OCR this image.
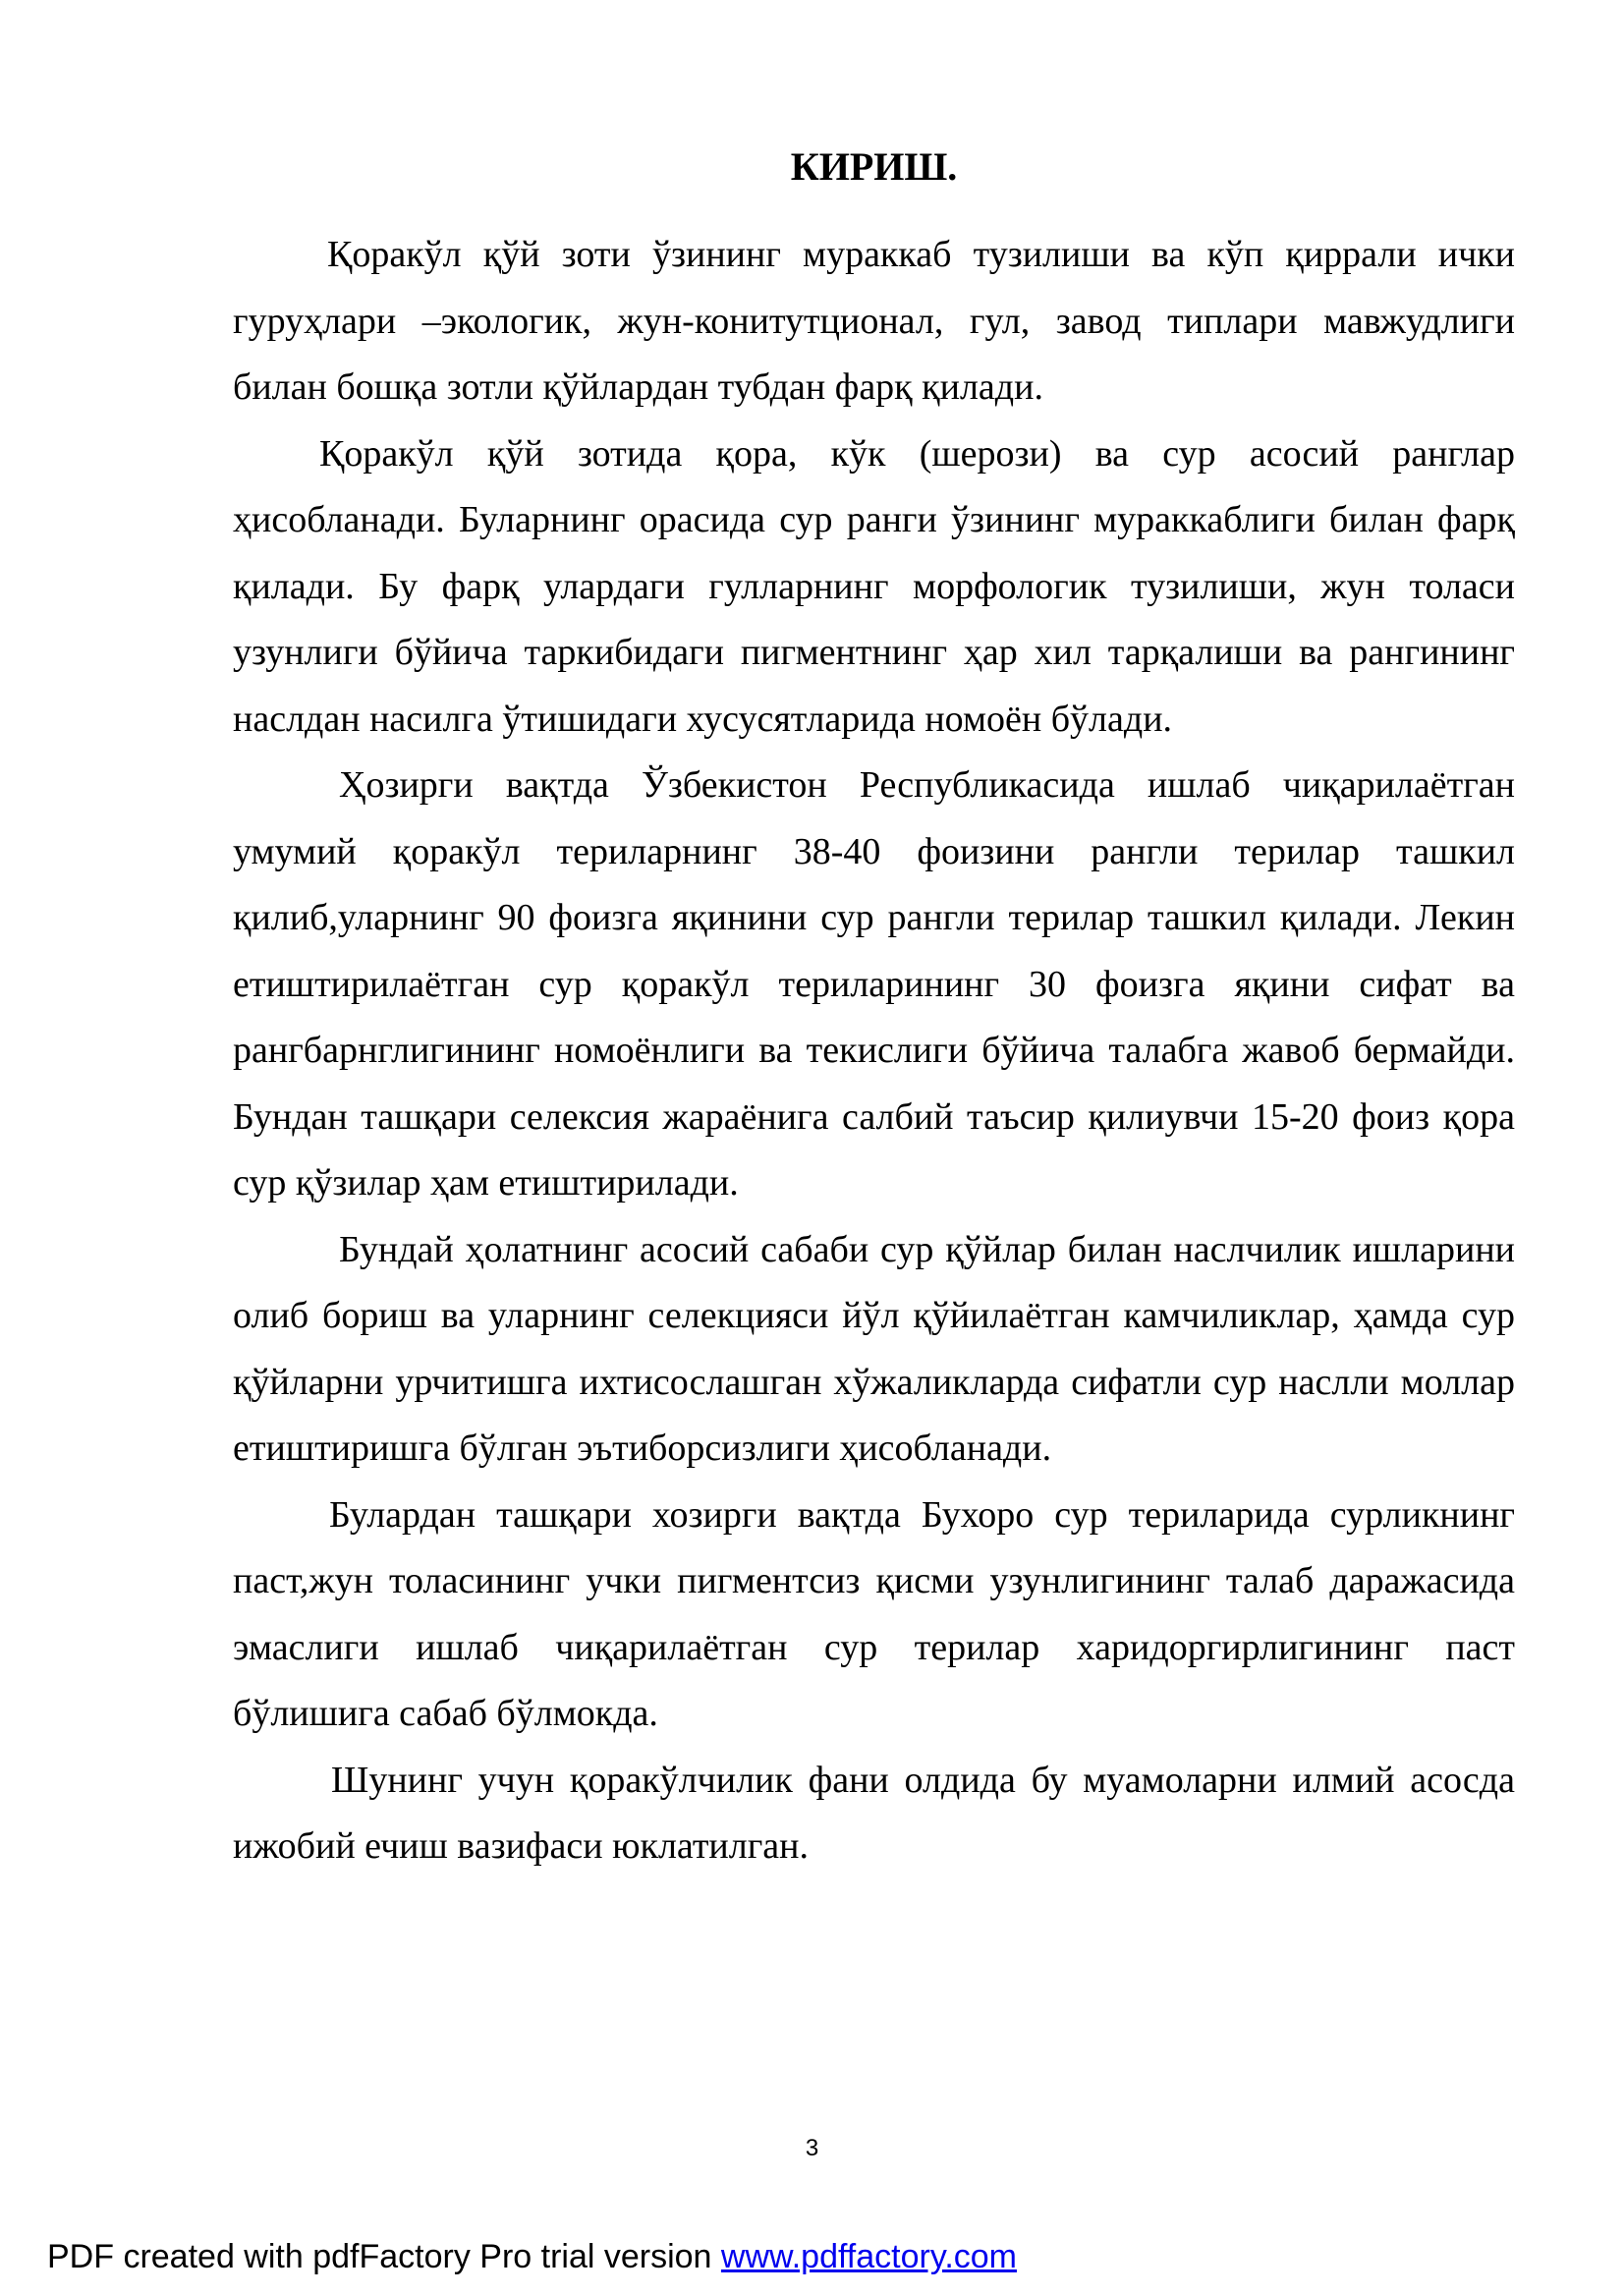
КИРИШ.

Қоракўл қўй зоти ўзининг мураккаб тузилиши ва кўп қиррали ички гуруҳлари –экологик, жун-конитутционал, гул, завод типлари мавжудлиги билан бошқа зотли қўйлардан тубдан фарқ қилади.

Қоракўл қўй зотида қора, кўк (шерози) ва сур асосий ранглар ҳисобланади. Буларнинг орасида сур ранги ўзининг мураккаблиги билан фарқ қилади. Бу фарқ улардаги гулларнинг морфологик тузилиши, жун толаси узунлиги бўйича таркибидаги пигментнинг ҳар хил тарқалиши ва рангининг наслдан насилга ўтишидаги хусусятларида номоён бўлади.

Ҳозирги вақтда Ўзбекистон Республикасида ишлаб чиқарилаётган умумий қоракўл териларнинг 38-40 фоизини рангли терилар ташкил қилиб,уларнинг 90 фоизга яқинини сур рангли терилар ташкил қилади. Лекин етиштирилаётган сур қоракўл териларининг 30 фоизга яқини сифат ва рангбарнглигининг номоёнлиги ва текислиги бўйича талабга жавоб бермайди. Бундан ташқари селексия жараёнига салбий таъсир қилиувчи 15-20 фоиз қора сур қўзилар ҳам етиштирилади.

Бундай ҳолатнинг асосий сабаби сур қўйлар билан наслчилик ишларини олиб бориш ва уларнинг селекцияси йўл қўйилаётган камчиликлар, ҳамда сур қўйларни урчитишга ихтисослашган хўжаликларда сифатли сур наслли моллар етиштиришга бўлган эътиборсизлиги ҳисобланади.

Булардан ташқари хозирги вақтда Бухоро сур териларида сурликнинг паст,жун толасининг учки пигментсиз қисми узунлигининг талаб даражасида эмаслиги ишлаб чиқарилаётган сур терилар харидоргирлигининг паст бўлишига сабаб бўлмокда.

Шунинг учун қоракўлчилик фани олдида бу муамоларни илмий асосда ижобий ечиш вазифаси юклатилган.

3
PDF created with pdfFactory Pro trial version www.pdffactory.com
